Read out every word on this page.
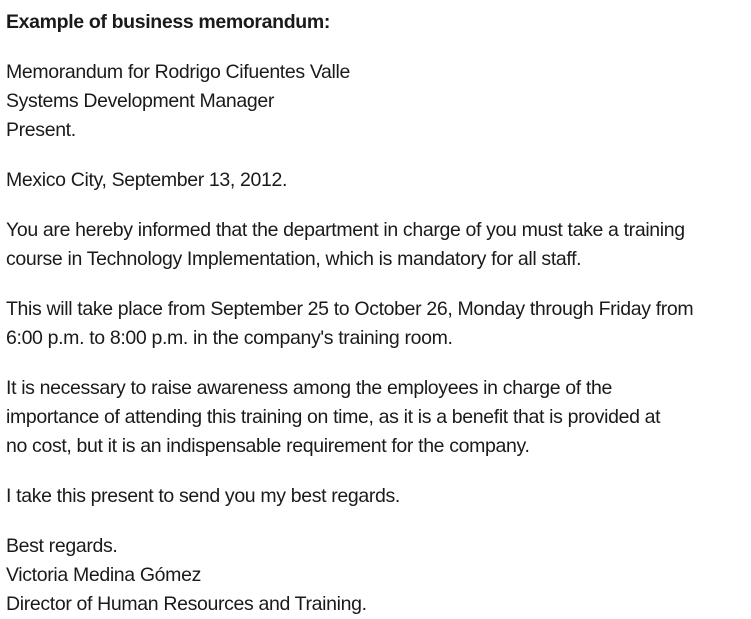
Example of business memorandum:

Memorandum for Rodrigo Cifuentes Valle
Systems Development Manager
Present.

Mexico City, September 13, 2012.

You are hereby informed that the department in charge of you must take a training
course in Technology Implementation, which is mandatory for all staff.

This will take place from September 25 to October 26, Monday through Friday from
6:00 p.m. to 8:00 p.m. in the company's training room.

It is necessary to raise awareness among the employees in charge of the
importance of attending this training on time, as it is a benefit that is provided at
no cost, but it is an indispensable requirement for the company.

I take this present to send you my best regards.

Best regards.
Victoria Medina Gómez
Director of Human Resources and Training.
